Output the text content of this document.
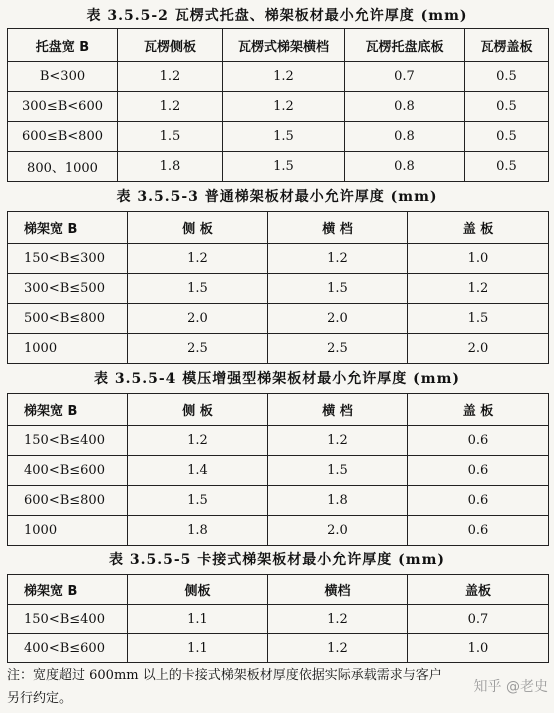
表 3.5.5-2 瓦楞式托盘、梯架板材最小允许厚度 (mm)
托盘宽 B	瓦楞侧板	瓦楞式梯架横档	瓦楞托盘底板	瓦楞盖板
B<300	1.2	1.2	0.7	0.5
300≤B<600	1.2	1.2	0.8	0.5
600≤B<800	1.5	1.5	0.8	0.5
800、1000	1.8	1.5	0.8	0.5
表 3.5.5-3 普通梯架板材最小允许厚度 (mm)
梯架宽 B	侧 板	横 档	盖 板
150<B≤300	1.2	1.2	1.0
300<B≤500	1.5	1.5	1.2
500<B≤800	2.0	2.0	1.5
1000	2.5	2.5	2.0
表 3.5.5-4 模压增强型梯架板材最小允许厚度 (mm)
梯架宽 B	侧 板	横 档	盖 板
150<B≤400	1.2	1.2	0.6
400<B≤600	1.4	1.5	0.6
600<B≤800	1.5	1.8	0.6
1000	1.8	2.0	0.6
表 3.5.5-5 卡接式梯架板材最小允许厚度 (mm)
梯架宽 B	侧板	横档	盖板
150<B≤400	1.1	1.2	0.7
400<B≤600	1.1	1.2	1.0
注：宽度超过 600mm 以上的卡接式梯架板材厚度依据实际承载需求与客户另行约定。
知乎 @老史
